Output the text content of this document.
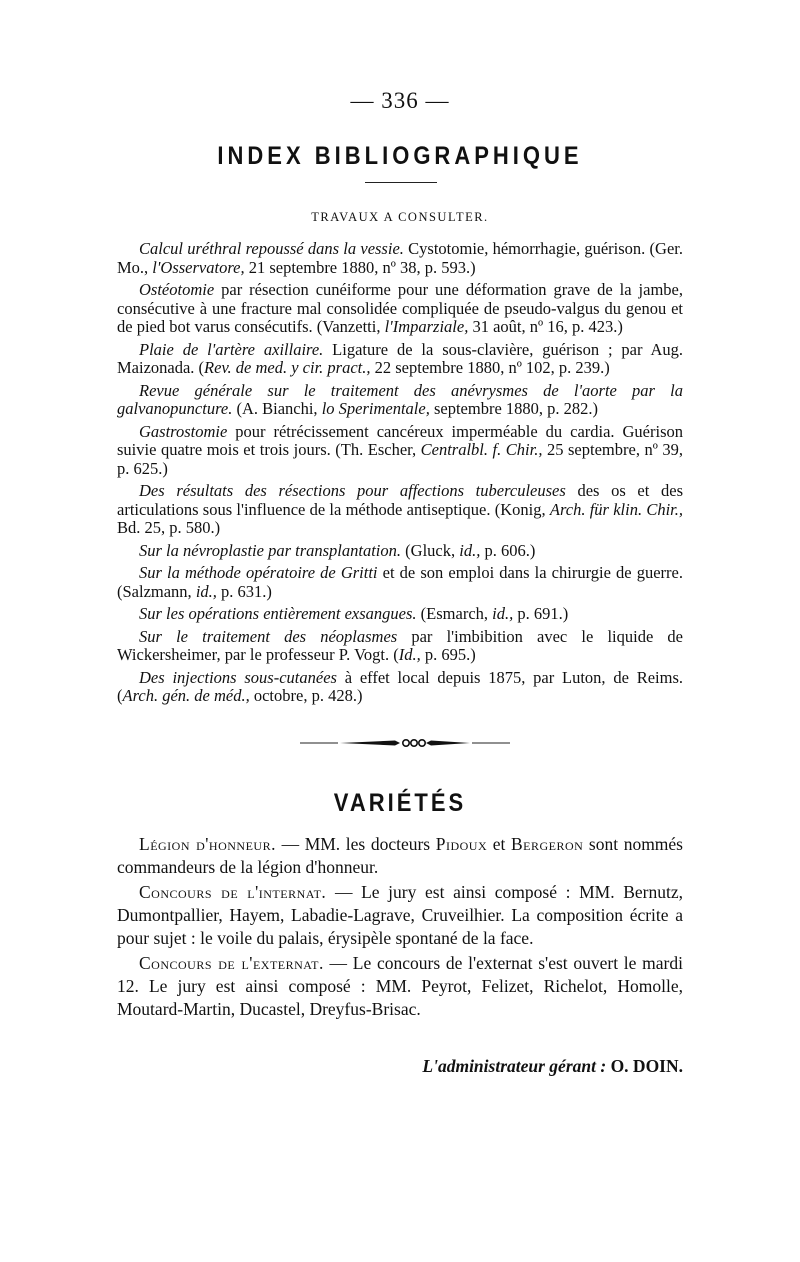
— 336 —
INDEX BIBLIOGRAPHIQUE
TRAVAUX A CONSULTER.

Calcul uréthral repoussé dans la vessie. Cystotomie, hémorrhagie, guérison. (Ger. Mo., l'Osservatore, 21 septembre 1880, nº 38, p. 593.)

Ostéotomie par résection cunéiforme pour une déformation grave de la jambe, consécutive à une fracture mal consolidée compliquée de pseudo-valgus du genou et de pied bot varus consécutifs. (Vanzetti, l'Imparziale, 31 août, nº 16, p. 423.)

Plaie de l'artère axillaire. Ligature de la sous-clavière, guérison ; par Aug. Maizonada. (Rev. de med. y cir. pract., 22 septembre 1880, nº 102, p. 239.)

Revue générale sur le traitement des anévrysmes de l'aorte par la galvanopuncture. (A. Bianchi, lo Sperimentale, septembre 1880, p. 282.)

Gastrostomie pour rétrécissement cancéreux imperméable du cardia. Guérison suivie quatre mois et trois jours. (Th. Escher, Centralbl. f. Chir., 25 septembre, nº 39, p. 625.)

Des résultats des résections pour affections tuberculeuses des os et des articulations sous l'influence de la méthode antiseptique. (Konig, Arch. für klin. Chir., Bd. 25, p. 580.)

Sur la névroplastie par transplantation. (Gluck, id., p. 606.)

Sur la méthode opératoire de Gritti et de son emploi dans la chirurgie de guerre. (Salzmann, id., p. 631.)

Sur les opérations entièrement exsangues. (Esmarch, id., p. 691.)

Sur le traitement des néoplasmes par l'imbibition avec le liquide de Wickersheimer, par le professeur P. Vogt. (Id., p. 695.)

Des injections sous-cutanées à effet local depuis 1875, par Luton, de Reims. (Arch. gén. de méd., octobre, p. 428.)

VARIÉTÉS

Légion d'honneur. — MM. les docteurs Pidoux et Bergeron sont nommés commandeurs de la légion d'honneur.

Concours de l'internat. — Le jury est ainsi composé : MM. Bernutz, Dumontpallier, Hayem, Labadie-Lagrave, Cruveilhier. La composition écrite a pour sujet : le voile du palais, érysipèle spontané de la face.

Concours de l'externat. — Le concours de l'externat s'est ouvert le mardi 12. Le jury est ainsi composé : MM. Peyrot, Felizet, Richelot, Homolle, Moutard-Martin, Ducastel, Dreyfus-Brisac.

L'administrateur gérant : O. DOIN.
